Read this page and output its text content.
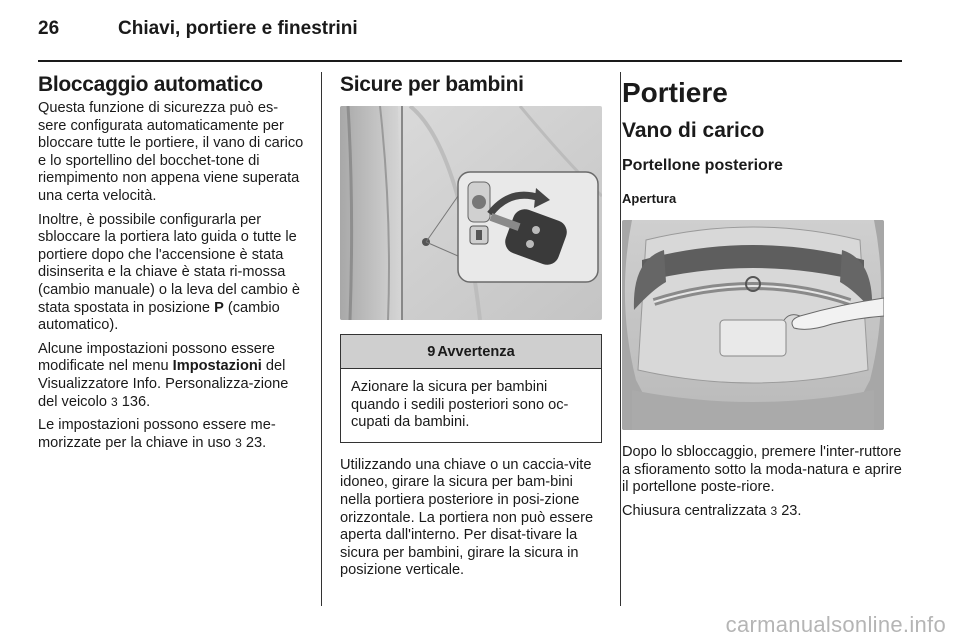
26	Chiavi, portiere e finestrini
Bloccaggio automatico

Questa funzione di sicurezza può es-sere configurata automaticamente per bloccare tutte le portiere, il vano di carico e lo sportellino del bocchet-tone di riempimento non appena viene superata una certa velocità.

Inoltre, è possibile configurarla per sbloccare la portiera lato guida o tutte le portiere dopo che l'accensione è stata disinserita e la chiave è stata ri-mossa (cambio manuale) o la leva del cambio è stata spostata in posizione P (cambio automatico).

Alcune impostazioni possono essere modificate nel menu Impostazioni del Visualizzatore Info. Personalizza-zione del veicolo 3 136.

Le impostazioni possono essere me-morizzate per la chiave in uso 3 23.

Sicure per bambini
9 Avvertenza
Azionare la sicura per bambini quando i sedili posteriori sono oc-cupati da bambini.

Utilizzando una chiave o un caccia-vite idoneo, girare la sicura per bam-bini nella portiera posteriore in posi-zione orizzontale. La portiera non può essere aperta dall'interno. Per disat-tivare la sicura per bambini, girare la sicura in posizione verticale.

Portiere
Vano di carico
Portellone posteriore
Apertura

Dopo lo sbloccaggio, premere l'inter-ruttore a sfioramento sotto la moda-natura e aprire il portellone poste-riore.

Chiusura centralizzata 3 23.

carmanualsonline.info
